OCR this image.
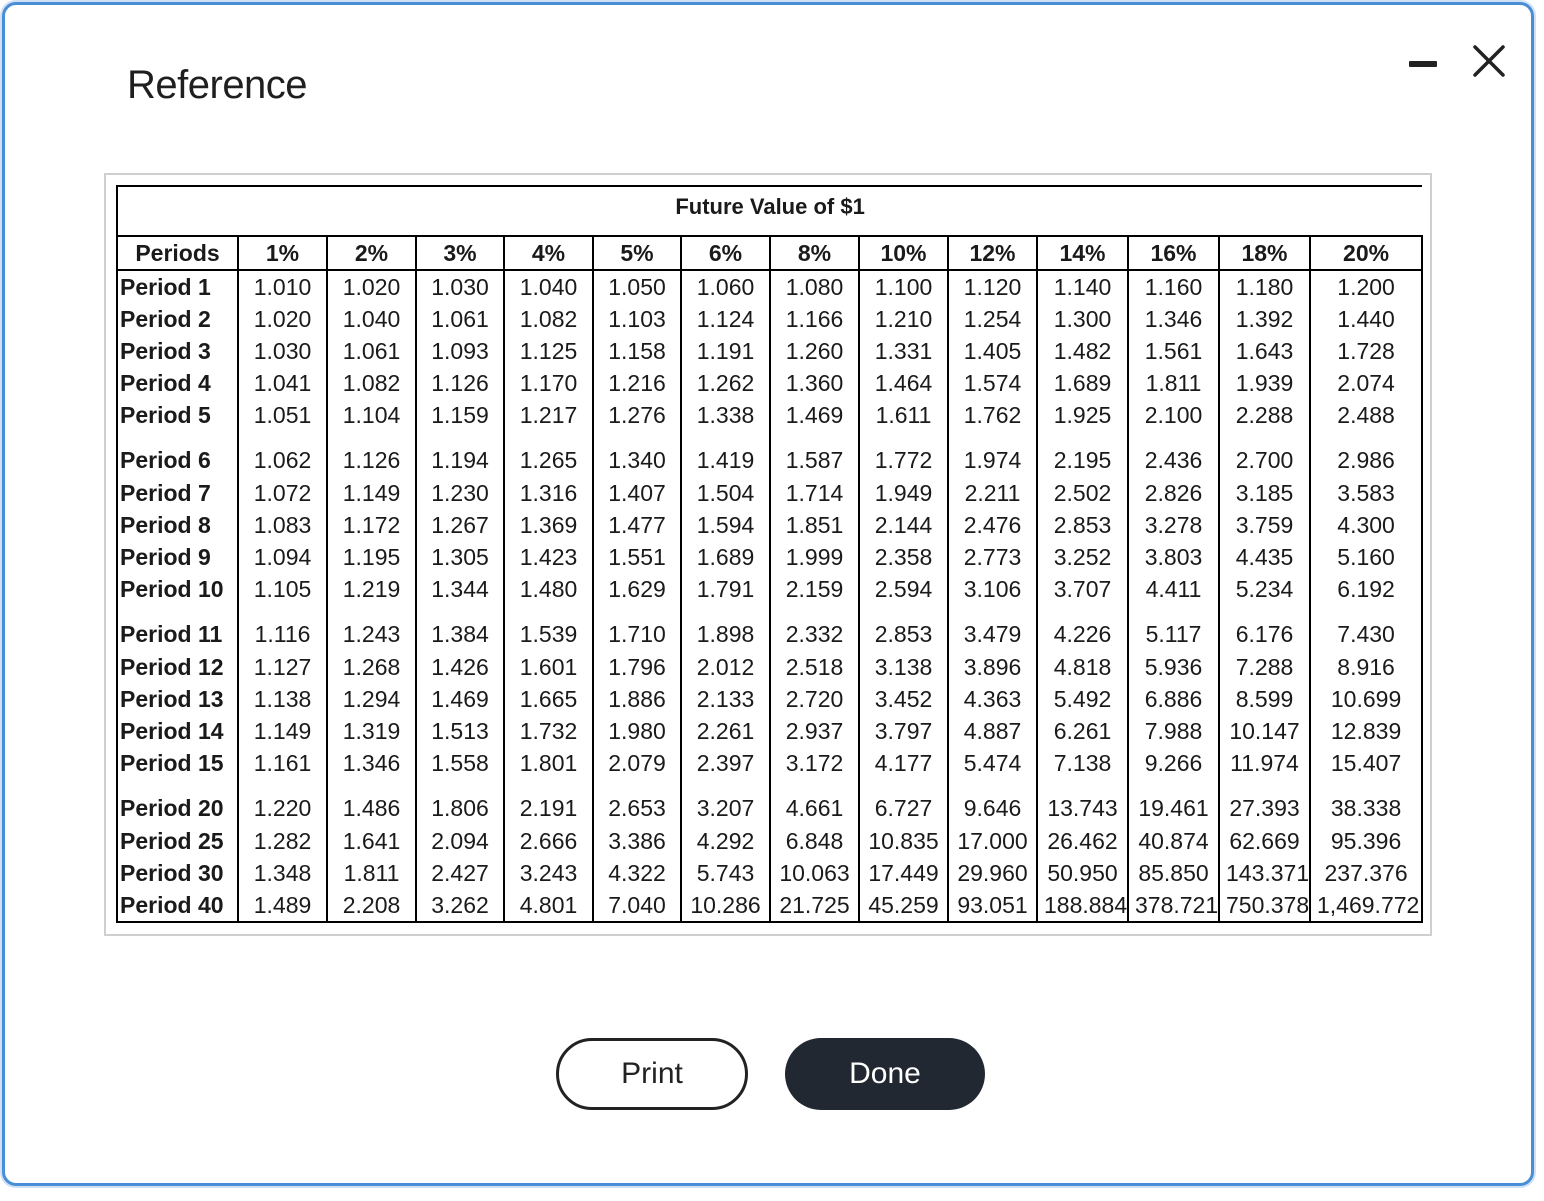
Reference
Future Value of $1													
Periods	1%	2%	3%	4%	5%	6%	8%	10%	12%	14%	16%	18%	20%
Period 1	1.010	1.020	1.030	1.040	1.050	1.060	1.080	1.100	1.120	1.140	1.160	1.180	1.200
Period 2	1.020	1.040	1.061	1.082	1.103	1.124	1.166	1.210	1.254	1.300	1.346	1.392	1.440
Period 3	1.030	1.061	1.093	1.125	1.158	1.191	1.260	1.331	1.405	1.482	1.561	1.643	1.728
Period 4	1.041	1.082	1.126	1.170	1.216	1.262	1.360	1.464	1.574	1.689	1.811	1.939	2.074
Period 5	1.051	1.104	1.159	1.217	1.276	1.338	1.469	1.611	1.762	1.925	2.100	2.288	2.488
Period 6	1.062	1.126	1.194	1.265	1.340	1.419	1.587	1.772	1.974	2.195	2.436	2.700	2.986
Period 7	1.072	1.149	1.230	1.316	1.407	1.504	1.714	1.949	2.211	2.502	2.826	3.185	3.583
Period 8	1.083	1.172	1.267	1.369	1.477	1.594	1.851	2.144	2.476	2.853	3.278	3.759	4.300
Period 9	1.094	1.195	1.305	1.423	1.551	1.689	1.999	2.358	2.773	3.252	3.803	4.435	5.160
Period 10	1.105	1.219	1.344	1.480	1.629	1.791	2.159	2.594	3.106	3.707	4.411	5.234	6.192
Period 11	1.116	1.243	1.384	1.539	1.710	1.898	2.332	2.853	3.479	4.226	5.117	6.176	7.430
Period 12	1.127	1.268	1.426	1.601	1.796	2.012	2.518	3.138	3.896	4.818	5.936	7.288	8.916
Period 13	1.138	1.294	1.469	1.665	1.886	2.133	2.720	3.452	4.363	5.492	6.886	8.599	10.699
Period 14	1.149	1.319	1.513	1.732	1.980	2.261	2.937	3.797	4.887	6.261	7.988	10.147	12.839
Period 15	1.161	1.346	1.558	1.801	2.079	2.397	3.172	4.177	5.474	7.138	9.266	11.974	15.407
Period 20	1.220	1.486	1.806	2.191	2.653	3.207	4.661	6.727	9.646	13.743	19.461	27.393	38.338
Period 25	1.282	1.641	2.094	2.666	3.386	4.292	6.848	10.835	17.000	26.462	40.874	62.669	95.396
Period 30	1.348	1.811	2.427	3.243	4.322	5.743	10.063	17.449	29.960	50.950	85.850	143.371	237.376
Period 40	1.489	2.208	3.262	4.801	7.040	10.286	21.725	45.259	93.051	188.884	378.721	750.378	1,469.772
Print	Done
